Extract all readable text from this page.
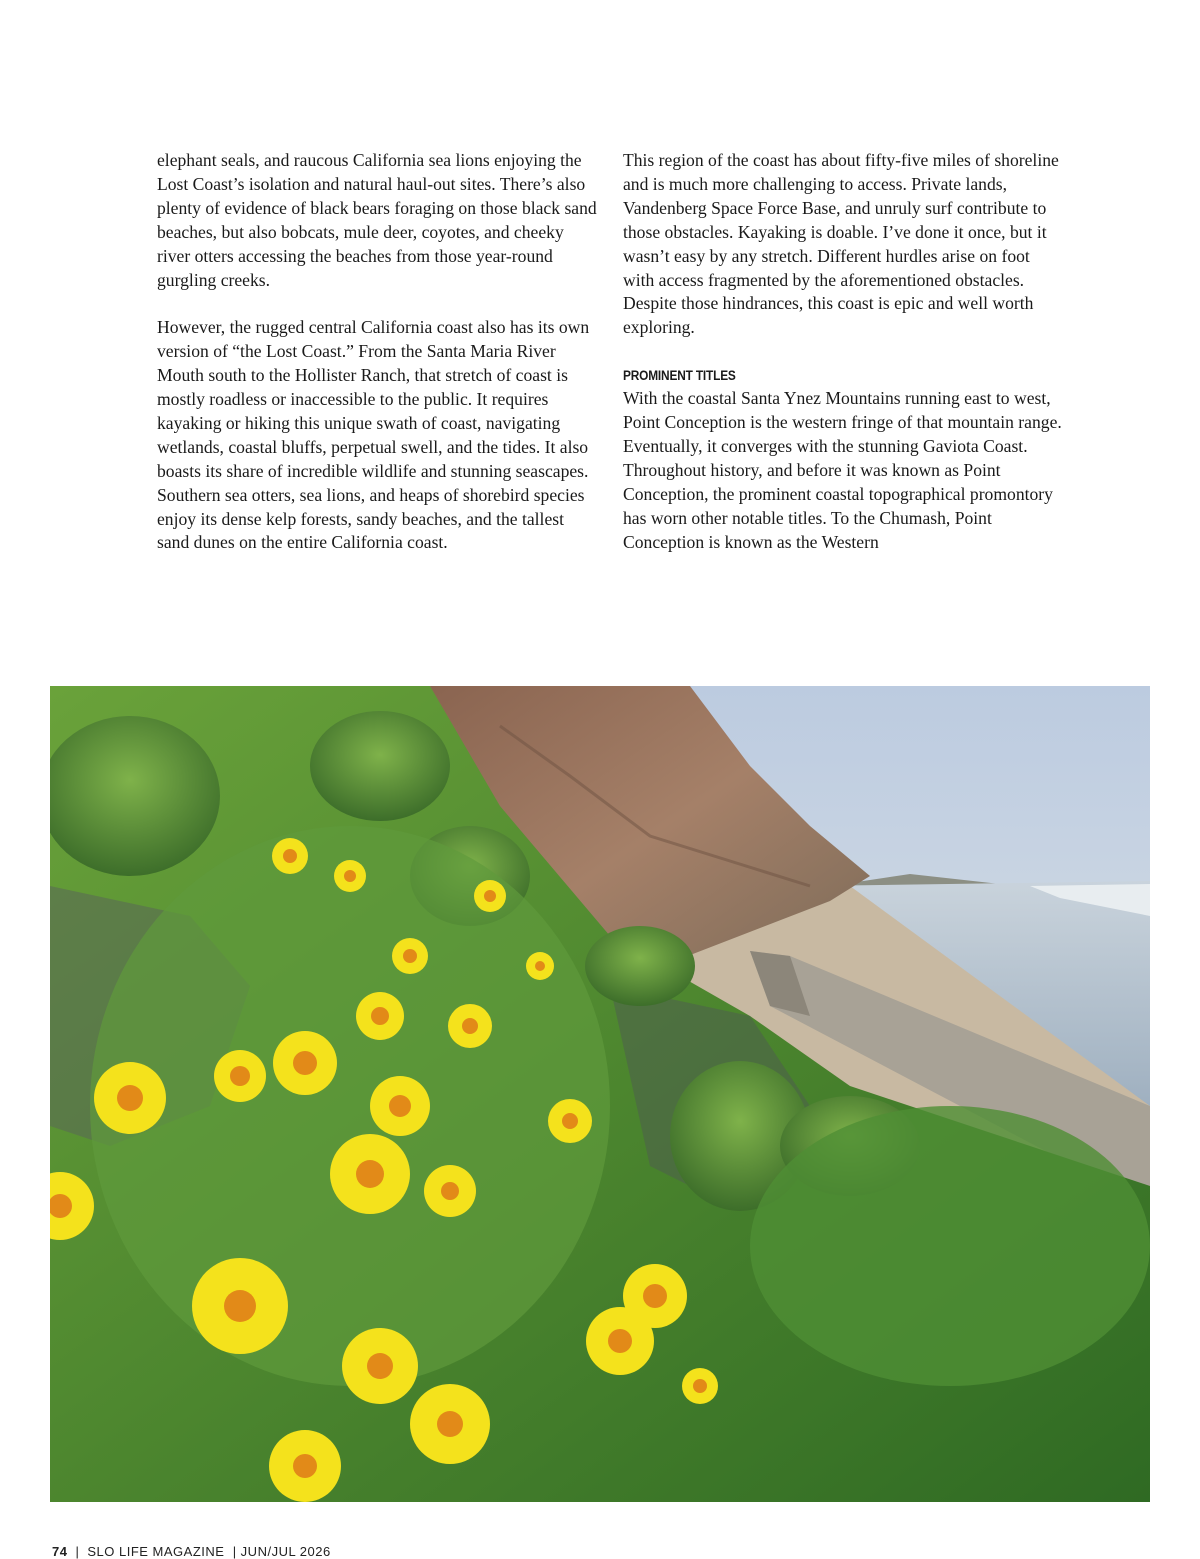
elephant seals, and raucous California sea lions enjoying the Lost Coast’s isolation and natural haul-out sites. There’s also plenty of evidence of black bears foraging on those black sand beaches, but also bobcats, mule deer, coyotes, and cheeky river otters accessing the beaches from those year-round gurgling creeks.

However, the rugged central California coast also has its own version of “the Lost Coast.” From the Santa Maria River Mouth south to the Hollister Ranch, that stretch of coast is mostly roadless or inaccessible to the public. It requires kayaking or hiking this unique swath of coast, navigating wetlands, coastal bluffs, perpetual swell, and the tides. It also boasts its share of incredible wildlife and stunning seascapes. Southern sea otters, sea lions, and heaps of shorebird species enjoy its dense kelp forests, sandy beaches, and the tallest sand dunes on the entire California coast.

This region of the coast has about fifty-five miles of shoreline and is much more challenging to access. Private lands, Vandenberg Space Force Base, and unruly surf contribute to those obstacles. Kayaking is doable. I’ve done it once, but it wasn’t easy by any stretch. Different hurdles arise on foot with access fragmented by the aforementioned obstacles. Despite those hindrances, this coast is epic and well worth exploring.

PROMINENT TITLES

With the coastal Santa Ynez Mountains running east to west, Point Conception is the western fringe of that mountain range. Eventually, it converges with the stunning Gaviota Coast.

Throughout history, and before it was known as Point Conception, the prominent coastal topographical promontory has worn other notable titles. To the Chumash, Point Conception is known as the Western

74 | SLO LIFE MAGAZINE | JUN/JUL 2026
